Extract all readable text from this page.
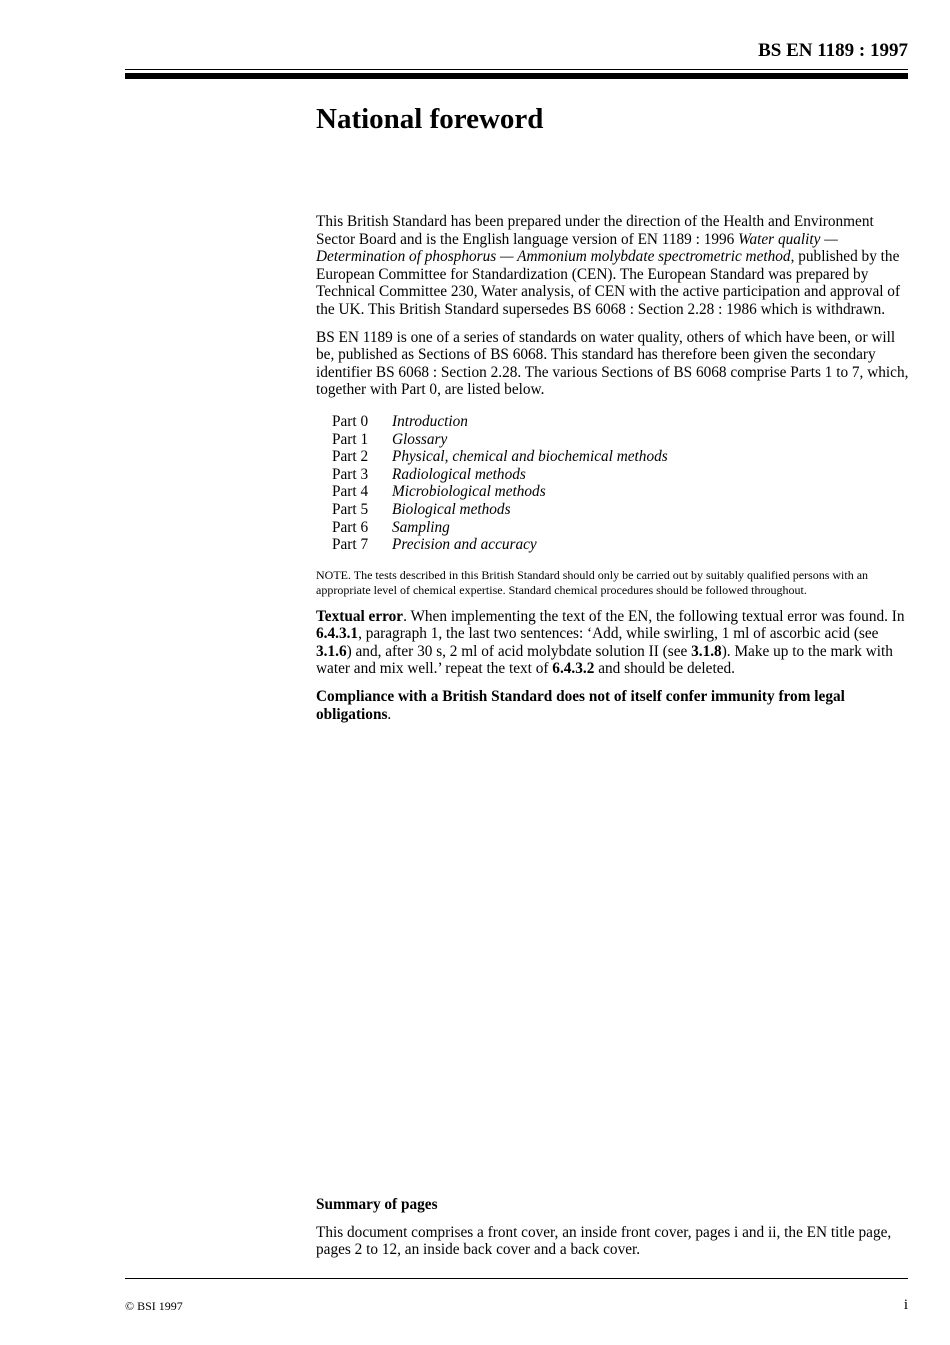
BS EN 1189 : 1997
National foreword

This British Standard has been prepared under the direction of the Health and Environment Sector Board and is the English language version of EN 1189 : 1996 Water quality — Determination of phosphorus — Ammonium molybdate spectrometric method, published by the European Committee for Standardization (CEN). The European Standard was prepared by Technical Committee 230, Water analysis, of CEN with the active participation and approval of the UK. This British Standard supersedes BS 6068 : Section 2.28 : 1986 which is withdrawn.

BS EN 1189 is one of a series of standards on water quality, others of which have been, or will be, published as Sections of BS 6068. This standard has therefore been given the secondary identifier BS 6068 : Section 2.28. The various Sections of BS 6068 comprise Parts 1 to 7, which, together with Part 0, are listed below.

Part 0	Introduction
Part 1	Glossary
Part 2	Physical, chemical and biochemical methods
Part 3	Radiological methods
Part 4	Microbiological methods
Part 5	Biological methods
Part 6	Sampling
Part 7	Precision and accuracy

NOTE. The tests described in this British Standard should only be carried out by suitably qualified persons with an appropriate level of chemical expertise. Standard chemical procedures should be followed throughout.

Textual error. When implementing the text of the EN, the following textual error was found. In 6.4.3.1, paragraph 1, the last two sentences: ‘Add, while swirling, 1 ml of ascorbic acid (see 3.1.6) and, after 30 s, 2 ml of acid molybdate solution II (see 3.1.8). Make up to the mark with water and mix well.’ repeat the text of 6.4.3.2 and should be deleted.

Compliance with a British Standard does not of itself confer immunity from legal obligations.

Summary of pages

This document comprises a front cover, an inside front cover, pages i and ii, the EN title page, pages 2 to 12, an inside back cover and a back cover.

© BSI 1997	i
